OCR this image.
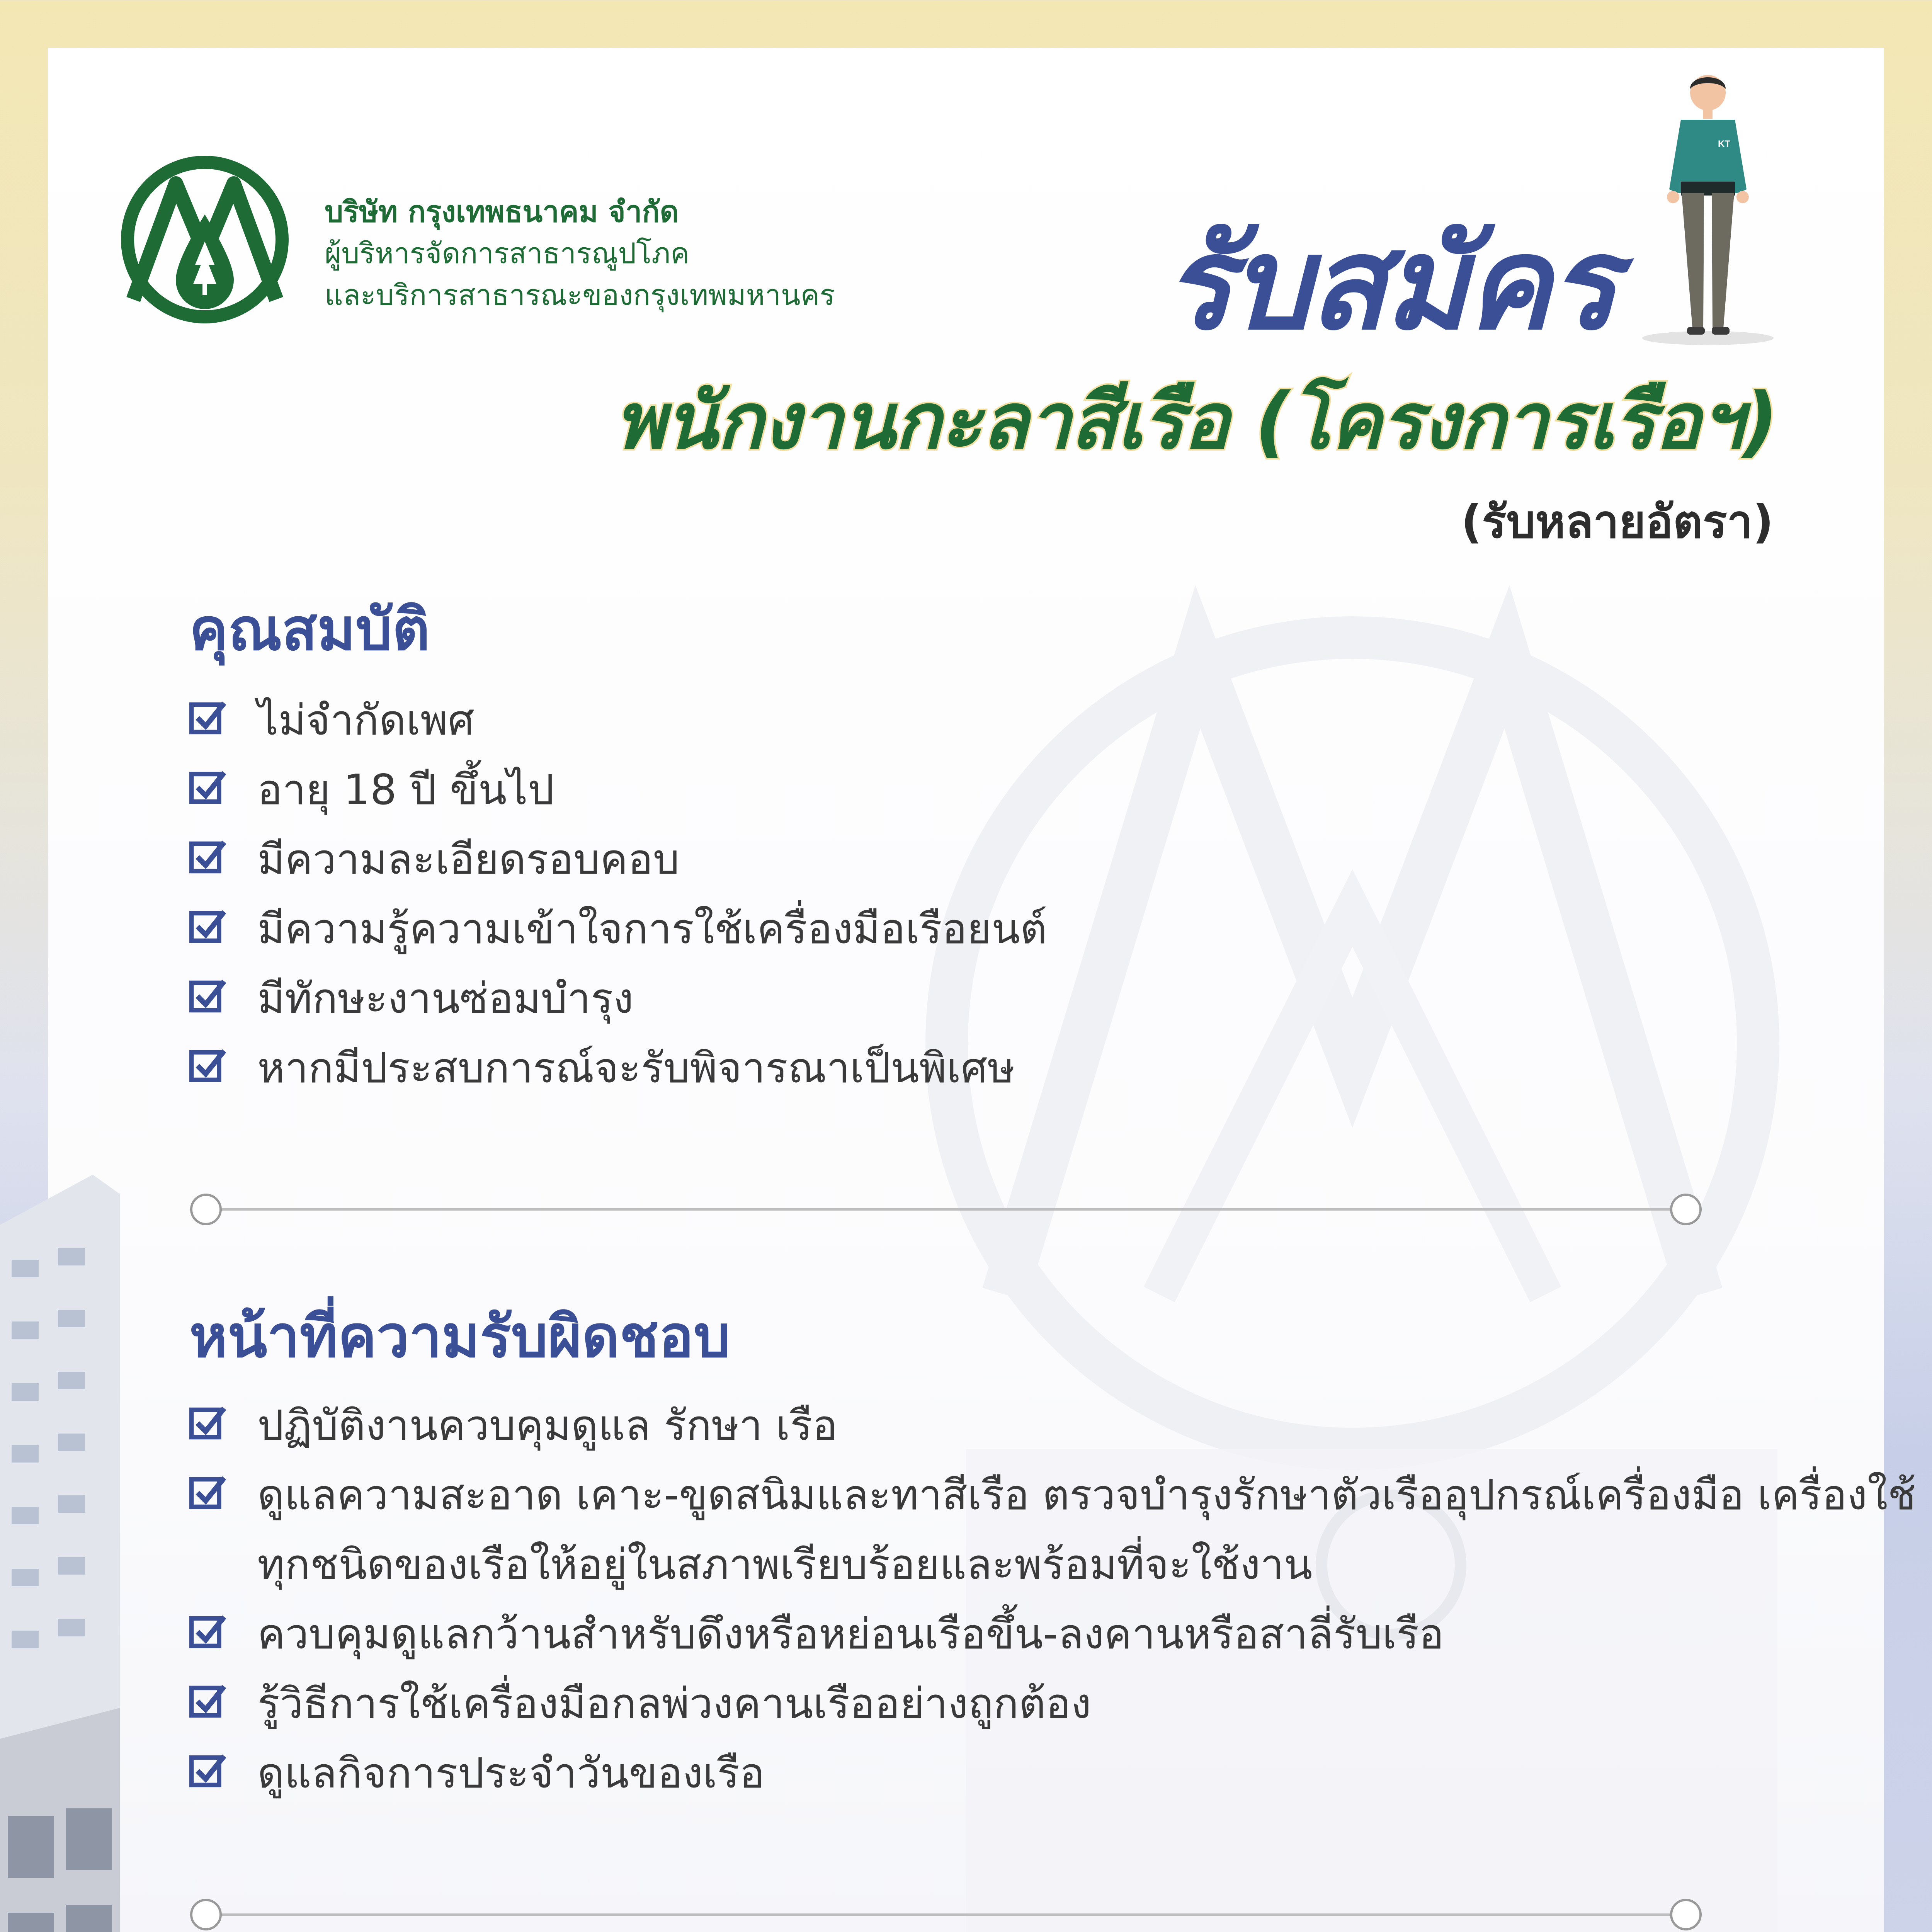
บริษัท กรุงเทพธนาคม จำกัด
ผู้บริหารจัดการสาธารณูปโภค
และบริการสาธารณะของกรุงเทพมหานคร	รับสมัคร
KT
พนักงานกะลาสีเรือ (โครงการเรือฯ)
(รับหลายอัตรา)
คุณสมบัติ
ไม่จำกัดเพศ
อายุ 18 ปี ขึ้นไป
มีความละเอียดรอบคอบ
มีความรู้ความเข้าใจการใช้เครื่องมือเรือยนต์
มีทักษะงานซ่อมบำรุง
หากมีประสบการณ์จะรับพิจารณาเป็นพิเศษ
หน้าที่ความรับผิดชอบ
ปฏิบัติงานควบคุมดูแล รักษา เรือ
ดูแลความสะอาด เคาะ-ขูดสนิมและทาสีเรือ ตรวจบำรุงรักษาตัวเรืออุปกรณ์เครื่องมือ เครื่องใช้ทุกชนิดของเรือให้อยู่ในสภาพเรียบร้อยและพร้อมที่จะใช้งาน
ควบคุมดูแลกว้านสำหรับดึงหรือหย่อนเรือขึ้น-ลงคานหรือสาลี่รับเรือ
รู้วิธีการใช้เครื่องมือกลพ่วงคานเรืออย่างถูกต้อง
ดูแลกิจการประจำวันของเรือ
